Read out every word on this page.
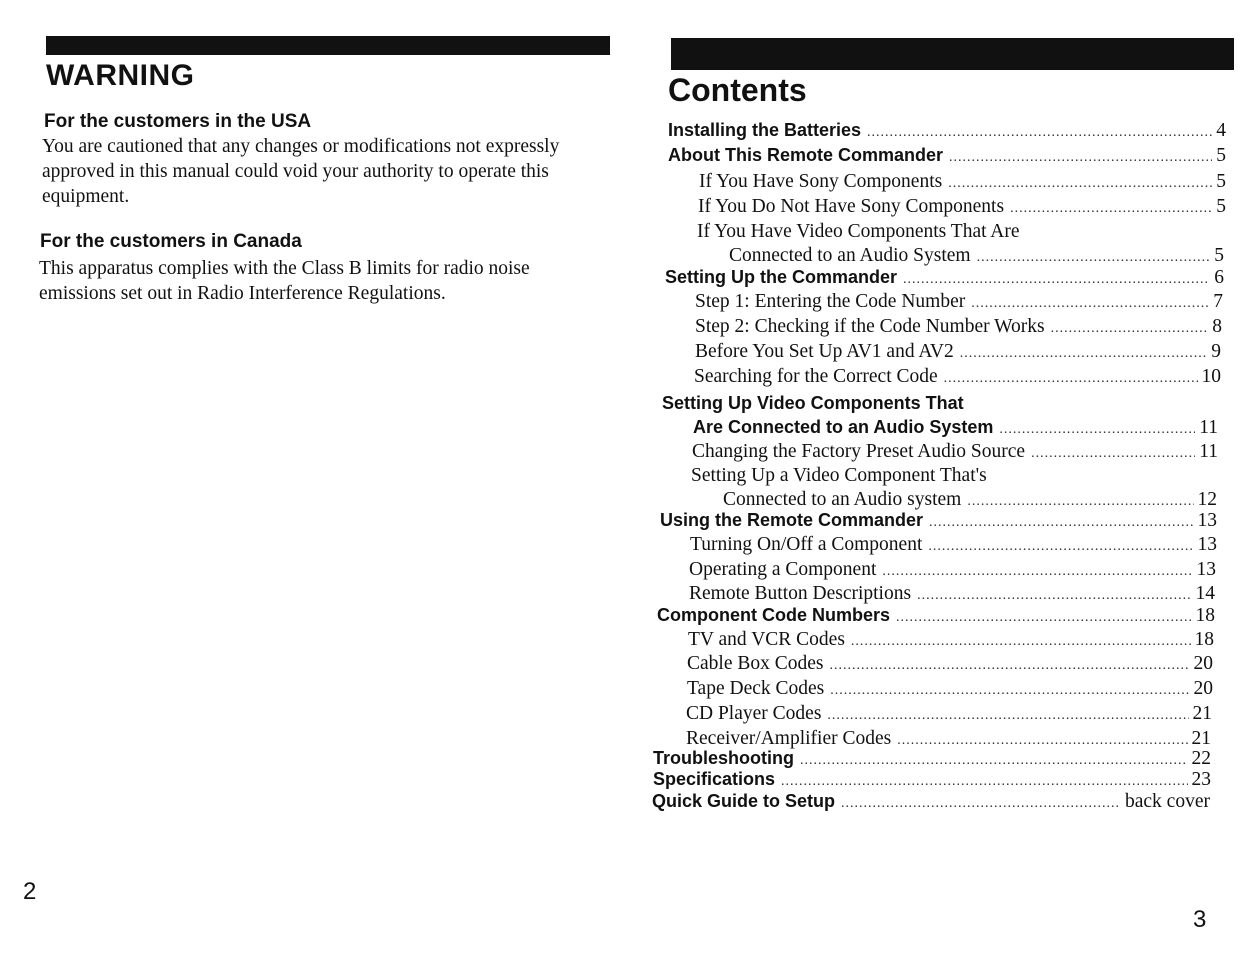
WARNING
For the customers in the USA

You are cautioned that any changes or modifications not expressly approved in this manual could void your authority to operate this equipment.

For the customers in Canada

This apparatus complies with the Class B limits for radio noise emissions set out in Radio Interference Regulations.

2
Contents
Installing the Batteries .....	4
About This Remote Commander .....	5
If You Have Sony Components .....	5
If You Do Not Have Sony Components .....	5
If You Have Video Components That Are
Connected to an Audio System .....	5
Setting Up the Commander .....	6
Step 1: Entering the Code Number .....	7
Step 2: Checking if the Code Number Works .....	8
Before You Set Up AV1 and AV2 .....	9
Searching for the Correct Code .....	10
Setting Up Video Components That
Are Connected to an Audio System .....	11
Changing the Factory Preset Audio Source .....	11
Setting Up a Video Component That's
Connected to an Audio system .....	12
Using the Remote Commander .....	13
Turning On/Off a Component .....	13
Operating a Component .....	13
Remote Button Descriptions .....	14
Component Code Numbers .....	18
TV and VCR Codes .....	18
Cable Box Codes .....	20
Tape Deck Codes .....	20
CD Player Codes .....	21
Receiver/Amplifier Codes .....	21
Troubleshooting .....	22
Specifications .....	23
Quick Guide to Setup .....	back cover
3
